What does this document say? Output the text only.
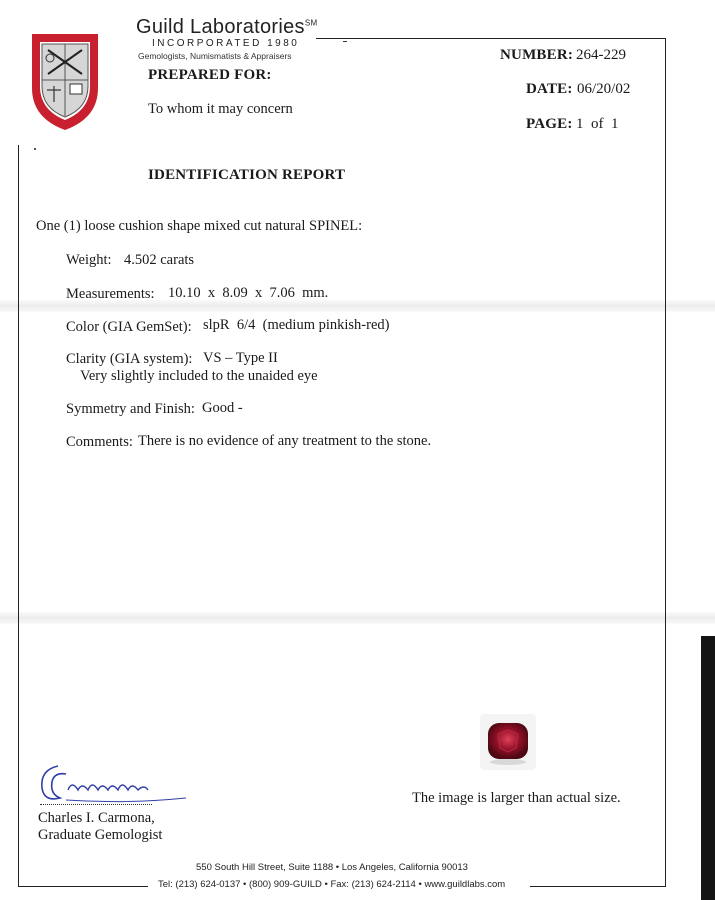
Guild Laboratories℠
INCORPORATED 1980
Gemologists, Numismatists & Appraisers	NUMBER: 264-229
DATE: 06/20/02
PAGE: 1  of  1
PREPARED FOR:
To whom it may concern
IDENTIFICATION REPORT
One (1) loose cushion shape mixed cut natural SPINEL:
Weight: 4.502 carats
Measurements: 10.10  x  8.09  x  7.06  mm.
Color (GIA GemSet): slpR  6/4  (medium pinkish-red)
Clarity (GIA system): VS – Type II
Very slightly included to the unaided eye
Symmetry and Finish: Good -
Comments: There is no evidence of any treatment to the stone.
The image is larger than actual size.
Charles I. Carmona,
Graduate Gemologist
550 South Hill Street, Suite 1188 • Los Angeles, California 90013
Tel: (213) 624-0137 • (800) 909-GUILD • Fax: (213) 624-2114 • www.guildlabs.com
